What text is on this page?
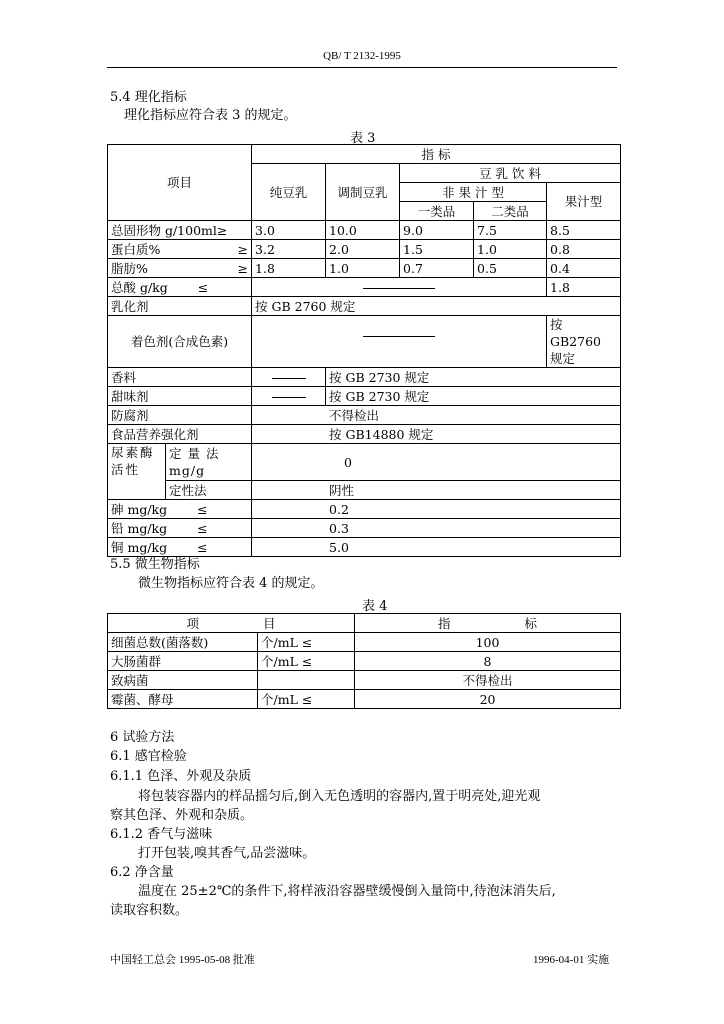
QB/ T 2132-1995
5.4 理化指标
理化指标应符合表 3 的规定。
表 3
项目		指 标				
		纯豆乳	调制豆乳	豆 乳 饮 料		
				非 果 汁 型		果汁型
				一类品	二类品	
总固形物 g/100ml≥		3.0	10.0	9.0	7.5	8.5
蛋白质% ≥		3.2	2.0	1.5	1.0	0.8
脂肪% ≥		1.8	1.0	0.7	0.5	0.4
总酸 g/kg ≤						1.8
乳化剂		按 GB 2760 规定				
着色剂(合成色素)						按 GB2760 规定
香料			按 GB 2730 规定			
甜味剂			按 GB 2730 规定			
防腐剂		不得检出				
食品营养强化剂		按 GB14880 规定				
尿素酶活性	定 量 法 mg/g	0				
	定性法	阴性				
砷 mg/kg ≤		0.2				
铅 mg/kg ≤		0.3				
铜 mg/kg ≤		5.0				
5.5 微生物指标
微生物指标应符合表 4 的规定。
表 4
项 目		指 标
细菌总数(菌落数)	个/mL ≤	100
大肠菌群	个/mL ≤	8
致病菌		不得检出
霉菌、酵母	个/mL ≤	20
6 试验方法
6.1 感官检验
6.1.1 色泽、外观及杂质
将包装容器内的样品摇匀后,倒入无色透明的容器内,置于明亮处,迎光观
察其色泽、外观和杂质。
6.1.2 香气与滋味
打开包装,嗅其香气,品尝滋味。
6.2 净含量
温度在 25±2℃的条件下,将样液沿容器壁缓慢倒入量筒中,待泡沫消失后,
读取容积数。
中国轻工总会 1995-05-08 批准	1996-04-01 实施
